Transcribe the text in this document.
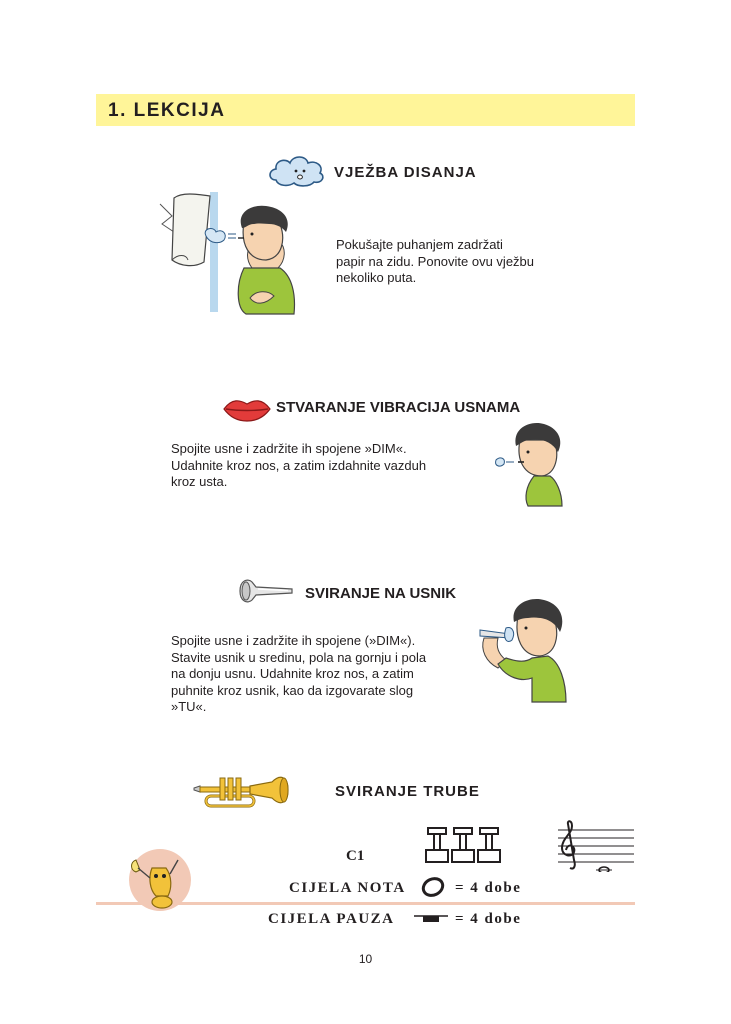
1. LEKCIJA
VJEŽBA DISANJA
Pokušajte puhanjem zadržati
papir na zidu. Ponovite ovu vježbu
nekoliko puta.
STVARANJE VIBRACIJA USNAMA
Spojite usne i zadržite ih spojene »DIM«.
Udahnite kroz nos, a zatim izdahnite vazduh
kroz usta.
SVIRANJE NA USNIK
Spojite usne i zadržite ih spojene (»DIM«).
Stavite usnik u sredinu, pola na gornju i pola
na donju usnu. Udahnite kroz nos, a zatim
puhnite kroz usnik, kao da izgovarate slog
»TU«.
SVIRANJE TRUBE
C1
CIJELA NOTA	= 4 dobe
CIJELA PAUZA	= 4 dobe
10
